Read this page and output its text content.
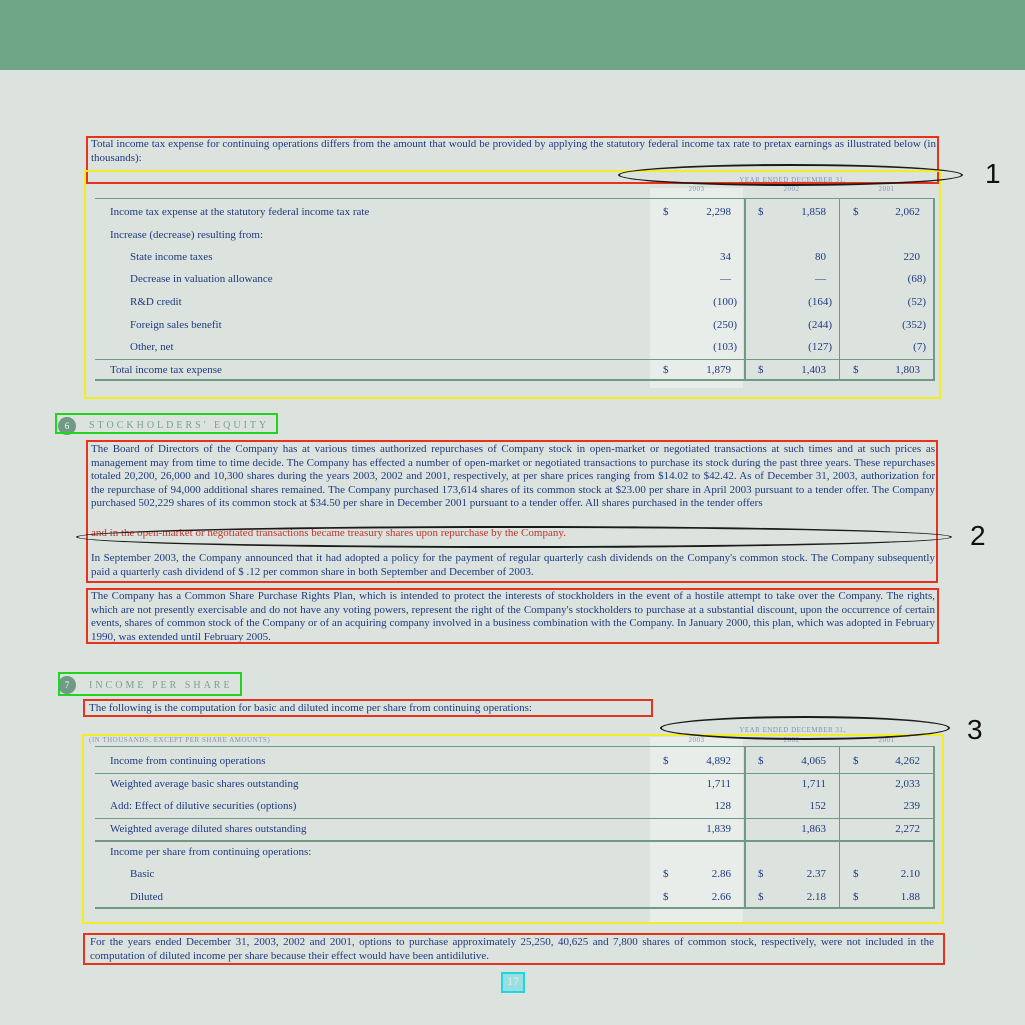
Total income tax expense for continuing operations differs from the amount that would be provided by applying the statutory federal income tax rate to pretax earnings as illustrated below (in thousands):
YEAR ENDED DECEMBER 31,
2003	2002	2001
Income tax expense at the statutory federal income tax rate	$	2,298 $	1,858 $	2,062
Increase (decrease) resulting from:
State income taxes	34	80	220
Decrease in valuation allowance	—	—	(68)
R&D credit	(100)	(164)	(52)
Foreign sales benefit	(250)	(244)	(352)
Other, net	(103)	(127)	(7)
Total income tax expense	$	1,879 $	1,403 $	1,803
1
6	STOCKHOLDERS' EQUITY
The Board of Directors of the Company has at various times authorized repurchases of Company stock in open-market or negotiated transactions at such times and at such prices as management may from time to time decide. The Company has effected a number of open-market or negotiated transactions to purchase its stock during the past three years. These repurchases totaled 20,200, 26,000 and 10,300 shares during the years 2003, 2002 and 2001, respectively, at per share prices ranging from $14.02 to $42.42. As of December 31, 2003, authorization for the repurchase of 94,000 additional shares remained. The Company purchased 173,614 shares of its common stock at $23.00 per share in April 2003 pursuant to a tender offer. The Company purchased 502,229 shares of its common stock at $34.50 per share in December 2001 pursuant to a tender offer. All shares purchased in the tender offers
and in the open-market or negotiated transactions became treasury shares upon repurchase by the Company.
In September 2003, the Company announced that it had adopted a policy for the payment of regular quarterly cash dividends on the Company's common stock. The Company subsequently paid a quarterly cash dividend of $ .12 per common share in both September and December of 2003.
2
The Company has a Common Share Purchase Rights Plan, which is intended to protect the interests of stockholders in the event of a hostile attempt to take over the Company. The rights, which are not presently exercisable and do not have any voting powers, represent the right of the Company's stockholders to purchase at a substantial discount, upon the occurrence of certain events, shares of common stock of the Company or of an acquiring company involved in a business combination with the Company. In January 2000, this plan, which was adopted in February 1990, was extended until February 2005.
7	INCOME PER SHARE
The following is the computation for basic and diluted income per share from continuing operations:
(IN THOUSANDS, EXCEPT PER SHARE AMOUNTS)
YEAR ENDED DECEMBER 31,
2003	2002	2001
Income from continuing operations	$	4,892 $	4,065 $	4,262
Weighted average basic shares outstanding	1,711	1,711	2,033
Add: Effect of dilutive securities (options)	128	152	239
Weighted average diluted shares outstanding	1,839	1,863	2,272
Income per share from continuing operations:
Basic	$	2.86 $	2.37 $	2.10
Diluted	$	2.66 $	2.18 $	1.88
3
For the years ended December 31, 2003, 2002 and 2001, options to purchase approximately 25,250, 40,625 and 7,800 shares of common stock, respectively, were not included in the computation of diluted income per share because their effect would have been antidilutive.
17
